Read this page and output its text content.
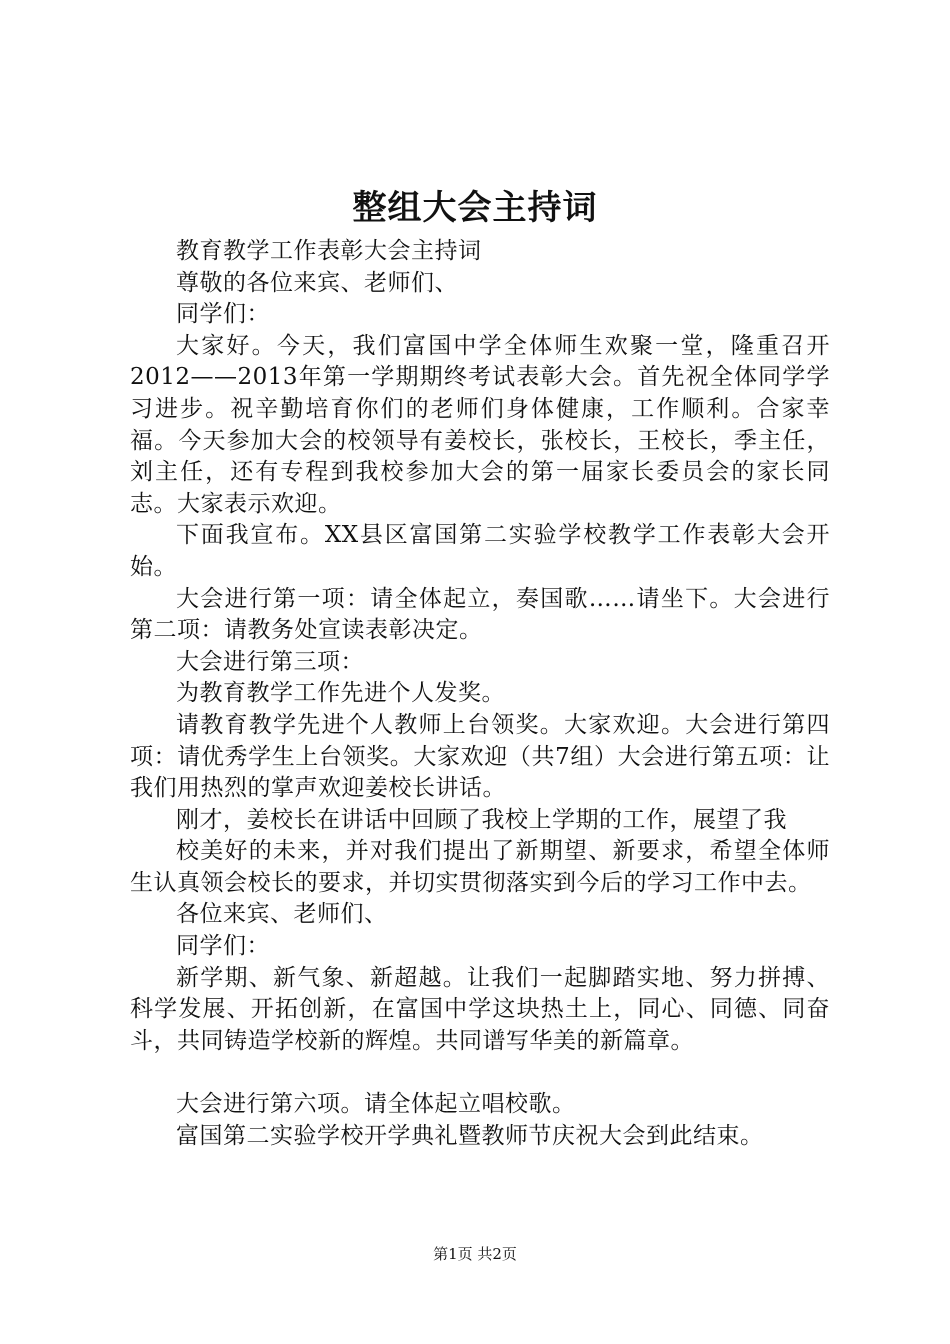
整组大会主持词

教育教学工作表彰大会主持词

尊敬的各位来宾、老师们、

同学们：

大家好。今天，我们富国中学全体师生欢聚一堂，隆重召开2012——2013年第一学期期终考试表彰大会。首先祝全体同学学习进步。祝辛勤培育你们的老师们身体健康，工作顺利。合家幸福。今天参加大会的校领导有姜校长，张校长，王校长，季主任，刘主任，还有专程到我校参加大会的第一届家长委员会的家长同志。大家表示欢迎。

下面我宣布。XX县区富国第二实验学校教学工作表彰大会开始。

大会进行第一项：请全体起立，奏国歌……请坐下。大会进行第二项：请教务处宣读表彰决定。

大会进行第三项：

为教育教学工作先进个人发奖。

请教育教学先进个人教师上台领奖。大家欢迎。大会进行第四项：请优秀学生上台领奖。大家欢迎（共7组）大会进行第五项：让我们用热烈的掌声欢迎姜校长讲话。

刚才，姜校长在讲话中回顾了我校上学期的工作，展望了我

校美好的未来，并对我们提出了新期望、新要求，希望全体师生认真领会校长的要求，并切实贯彻落实到今后的学习工作中去。

各位来宾、老师们、

同学们：

新学期、新气象、新超越。让我们一起脚踏实地、努力拼搏、科学发展、开拓创新，在富国中学这块热土上，同心、同德、同奋斗，共同铸造学校新的辉煌。共同谱写华美的新篇章。

大会进行第六项。请全体起立唱校歌。

富国第二实验学校开学典礼暨教师节庆祝大会到此结束。

第1页 共2页
